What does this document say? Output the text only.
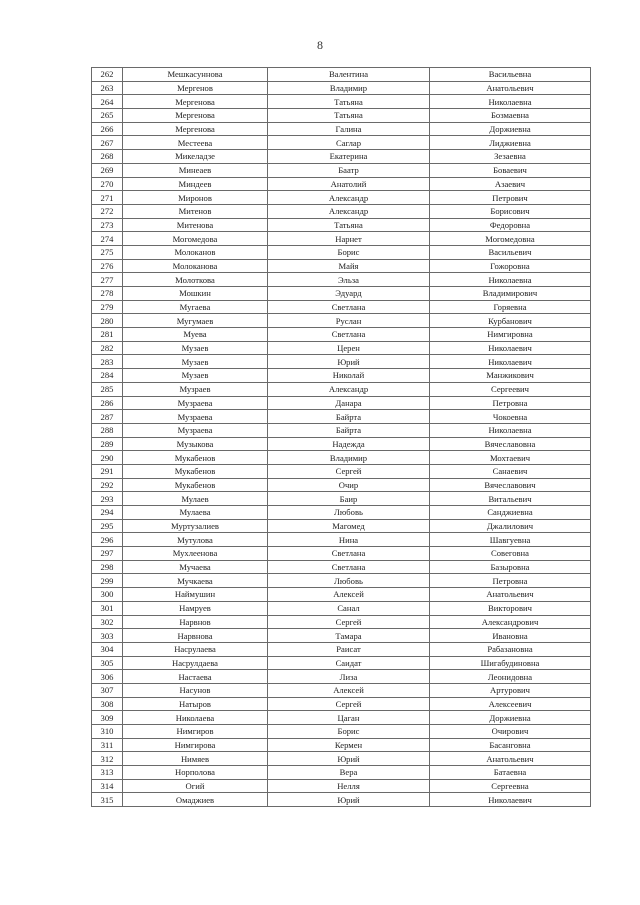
8
262	Мешкасуннова	Валентина	Васильевна
263	Мергенов	Владимир	Анатольевич
264	Мергенова	Татьяна	Николаевна
265	Мергенова	Татьяна	Бозмаевна
266	Мергенова	Галина	Доржиевна
267	Местеева	Саглар	Лиджиевна
268	Микеладзе	Екатерина	Зезаевна
269	Минеаев	Баатр	Боваевич
270	Миндеев	Анатолий	Азаевич
271	Миронов	Александр	Петрович
272	Митенов	Александр	Борисович
273	Митенова	Татьяна	Федоровна
274	Могомедова	Нарнет	Могомедовна
275	Молоканов	Борис	Васильевич
276	Молоканова	Майя	Гожоровна
277	Молоткова	Эльза	Николаевна
278	Мошкин	Эдуард	Владимирович
279	Мугаева	Светлана	Горяевна
280	Мугумаев	Руслан	Курбанович
281	Муева	Светлана	Нимгировна
282	Музаев	Церен	Николаевич
283	Музаев	Юрий	Николаевич
284	Музаев	Николай	Манжикович
285	Музраев	Александр	Сергеевич
286	Музраева	Данара	Петровна
287	Музраева	Байрта	Чокоевна
288	Музраева	Байрта	Николаевна
289	Музыкова	Надежда	Вячеславовна
290	Мукабенов	Владимир	Мохтаевич
291	Мукабенов	Сергей	Санаевич
292	Мукабенов	Очир	Вячеславович
293	Мулаев	Баир	Витальевич
294	Мулаева	Любовь	Санджиевна
295	Муртузалиев	Магомед	Джалилович
296	Мутулова	Нина	Шавгуевна
297	Мухлеенова	Светлана	Совеговна
298	Мучаева	Светлана	Базыровна
299	Мучкаева	Любовь	Петровна
300	Наймушин	Алексей	Анатольевич
301	Намруев	Санал	Викторович
302	Нарвнов	Сергей	Александрович
303	Нарвнова	Тамара	Ивановна
304	Насрулаева	Раисат	Рабазановна
305	Насрулдаева	Саидат	Шигабудиновна
306	Настаева	Лиза	Леонидовна
307	Насунов	Алексей	Артурович
308	Натыров	Сергей	Алексеевич
309	Николаева	Цаган	Доржиевна
310	Нимгиров	Борис	Очирович
311	Нимгирова	Кермен	Басанговна
312	Нимяев	Юрий	Анатольевич
313	Норполова	Вера	Батаевна
314	Огий	Нелля	Сергеевна
315	Омаджиев	Юрий	Николаевич
